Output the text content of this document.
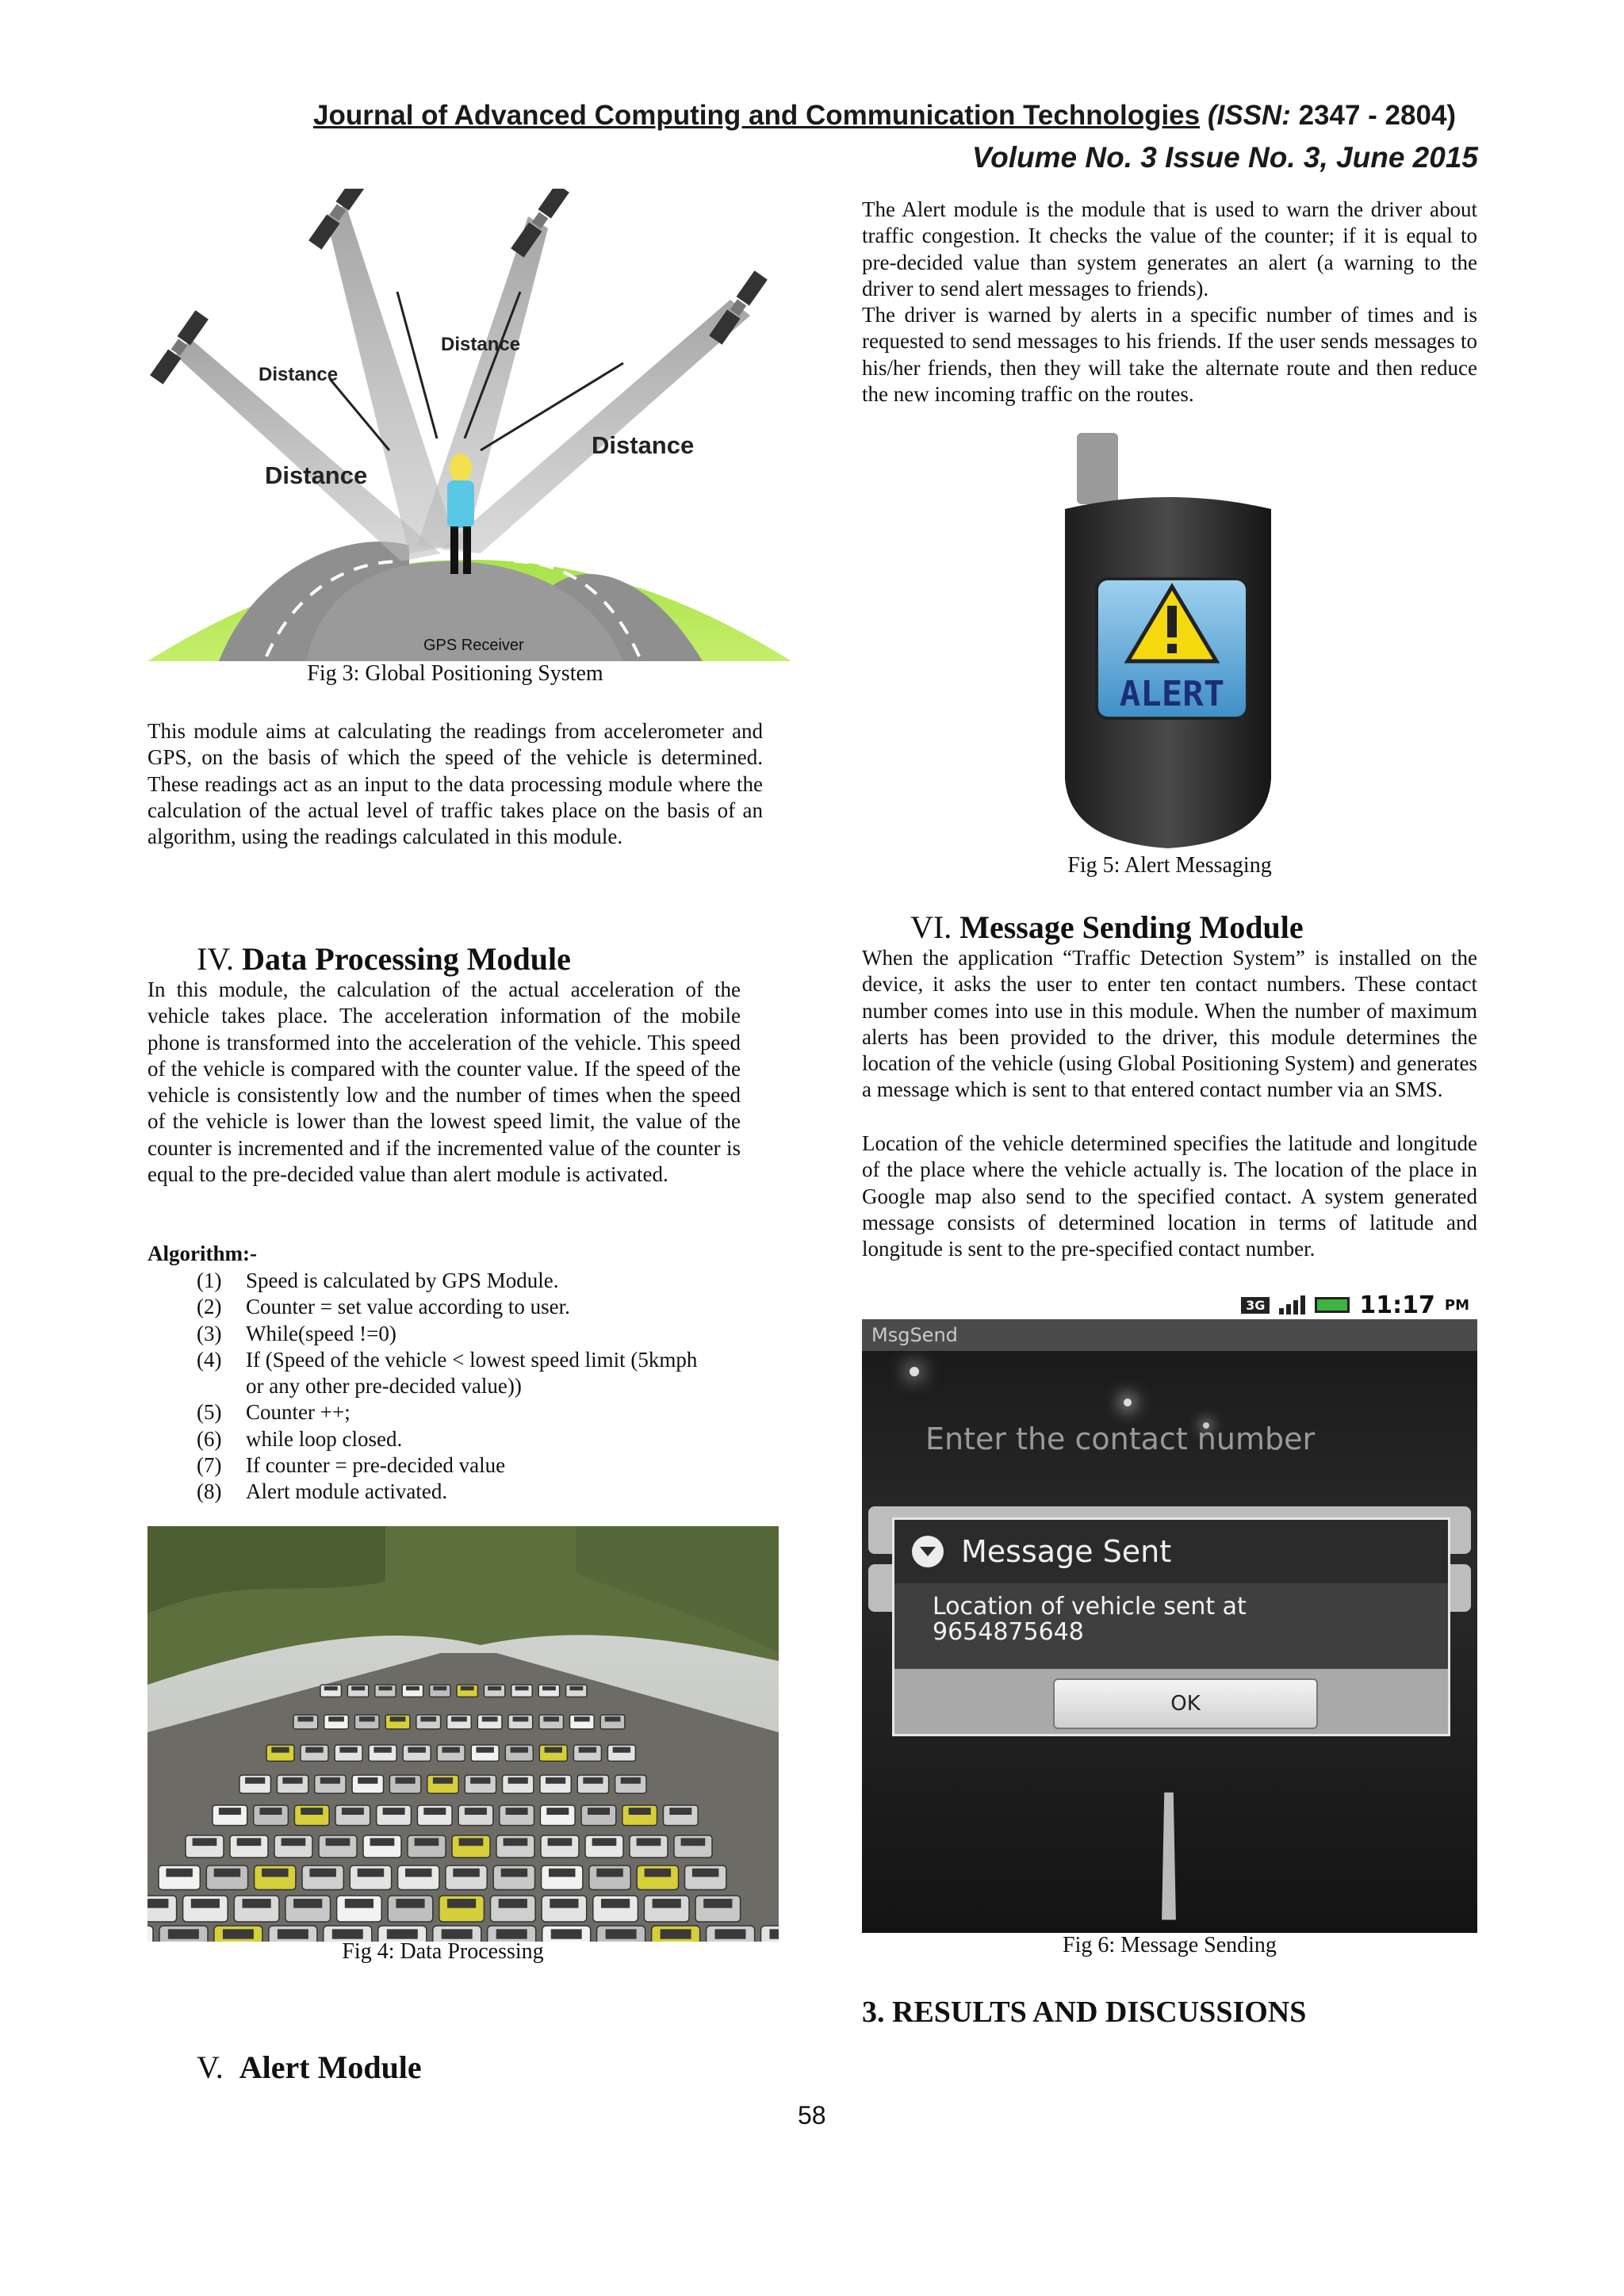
Journal of Advanced Computing and Communication Technologies (ISSN: 2347 - 2804)
Volume No. 3 Issue No. 3, June 2015
Distance
Distance
Distance
Distance
GPS Receiver
Fig 3: Global Positioning System
This module aims at calculating the readings from accelerometer and GPS, on the basis of which the speed of the vehicle is determined. These readings act as an input to the data processing module where the calculation of the actual level of traffic takes place on the basis of an algorithm, using the readings calculated in this module.
IV. Data Processing Module
In this module, the calculation of the actual acceleration of the vehicle takes place. The acceleration information of the mobile phone is transformed into the acceleration of the vehicle. This speed of the vehicle is compared with the counter value. If the speed of the vehicle is consistently low and the number of times when the speed of the vehicle is lower than the lowest speed limit, the value of the counter is incremented and if the incremented value of the counter is equal to the pre-decided value than alert module is activated.
Algorithm:-
(1)	Speed is calculated by GPS Module.
(2)	Counter = set value according to user.
(3)	While(speed !=0)
(4)	If (Speed of the vehicle < lowest speed limit (5kmph or any other pre-decided value))
(5)	Counter ++;
(6)	while loop closed.
(7)	If counter = pre-decided value
(8)	Alert module activated.
Fig 4: Data Processing
V. Alert Module
The Alert module is the module that is used to warn the driver about traffic congestion. It checks the value of the counter; if it is equal to pre-decided value than system generates an alert (a warning to the driver to send alert messages to friends).
The driver is warned by alerts in a specific number of times and is requested to send messages to his friends. If the user sends messages to his/her friends, then they will take the alternate route and then reduce the new incoming traffic on the routes.
ALERT
Fig 5: Alert Messaging
VI. Message Sending Module
When the application “Traffic Detection System” is installed on the device, it asks the user to enter ten contact numbers. These contact number comes into use in this module. When the number of maximum alerts has been provided to the driver, this module determines the location of the vehicle (using Global Positioning System) and generates a message which is sent to that entered contact number via an SMS.
Location of the vehicle determined specifies the latitude and longitude of the place where the vehicle actually is. The location of the place in Google map also send to the specified contact. A system generated message consists of determined location in terms of latitude and longitude is sent to the pre-specified contact number.
3G	11:17 PM
MsgSend
Enter the contact number
Message Sent
Location of vehicle sent at
9654875648
OK
Fig 6: Message Sending
3. RESULTS AND DISCUSSIONS
58
